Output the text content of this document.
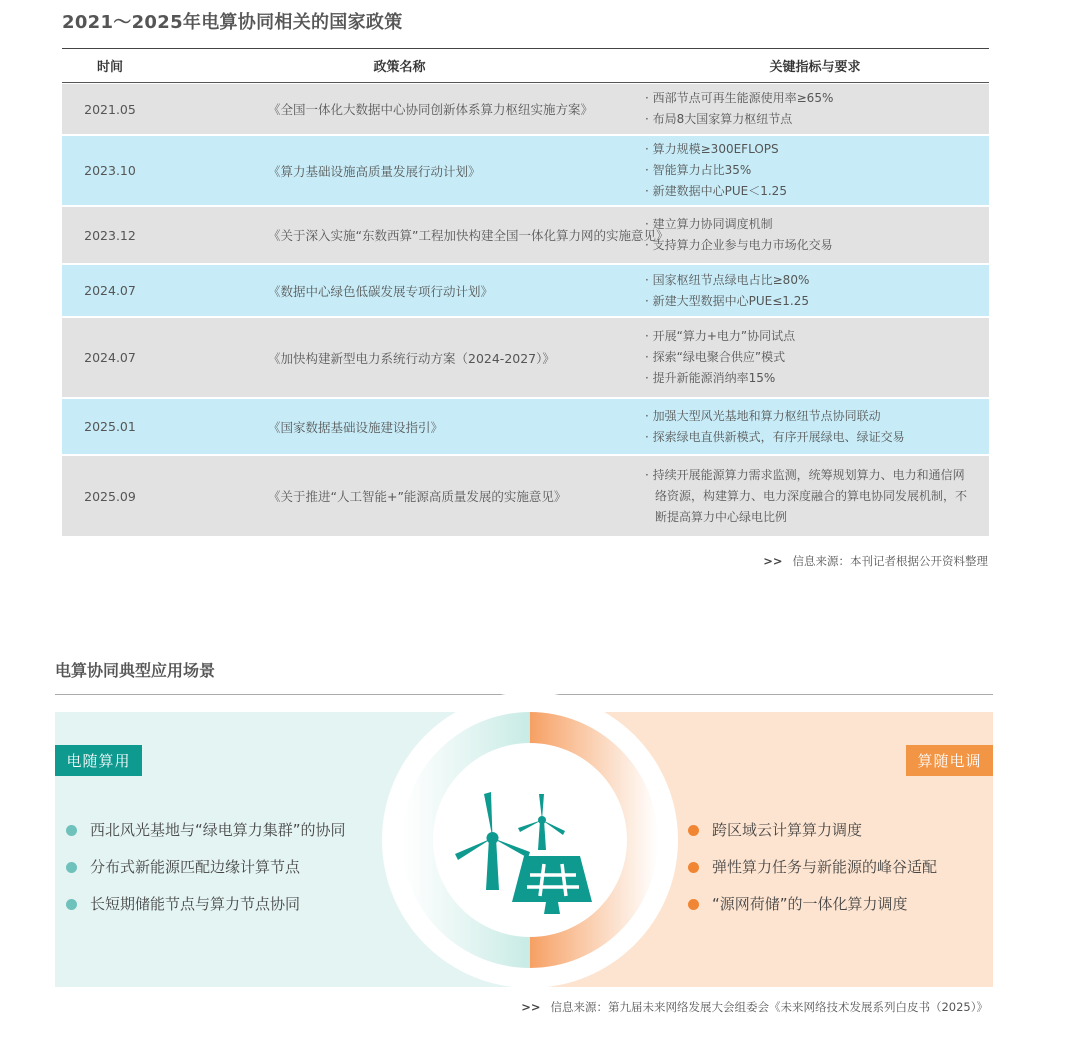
2021～2025年电算协同相关的国家政策
时间	政策名称	关键指标与要求
2021.05	《全国一体化大数据中心协同创新体系算力枢纽实施方案》
· 西部节点可再生能源使用率≥65%
· 布局8大国家算力枢纽节点
2023.10	《算力基础设施高质量发展行动计划》
· 算力规模≥300EFLOPS
· 智能算力占比35%
· 新建数据中心PUE＜1.25
2023.12	《关于深入实施“东数西算”工程加快构建全国一体化算力网的实施意见》
· 建立算力协同调度机制
· 支持算力企业参与电力市场化交易
2024.07	《数据中心绿色低碳发展专项行动计划》
· 国家枢纽节点绿电占比≥80%
· 新建大型数据中心PUE≤1.25
2024.07	《加快构建新型电力系统行动方案（2024-2027）》
· 开展“算力+电力”协同试点
· 探索“绿电聚合供应”模式
· 提升新能源消纳率15%
2025.01	《国家数据基础设施建设指引》
· 加强大型风光基地和算力枢纽节点协同联动
· 探索绿电直供新模式，有序开展绿电、绿证交易
2025.09	《关于推进“人工智能+”能源高质量发展的实施意见》
· 持续开展能源算力需求监测，统筹规划算力、电力和通信网络资源，构建算力、电力深度融合的算电协同发展机制，不断提高算力中心绿电比例
>> 信息来源：本刊记者根据公开资料整理
电算协同典型应用场景
电随算用	算随电调
西北风光基地与“绿电算力集群”的协同
分布式新能源匹配边缘计算节点
长短期储能节点与算力节点协同
跨区域云计算算力调度
弹性算力任务与新能源的峰谷适配
“源网荷储”的一体化算力调度
>> 信息来源：第九届未来网络发展大会组委会《未来网络技术发展系列白皮书（2025）》
